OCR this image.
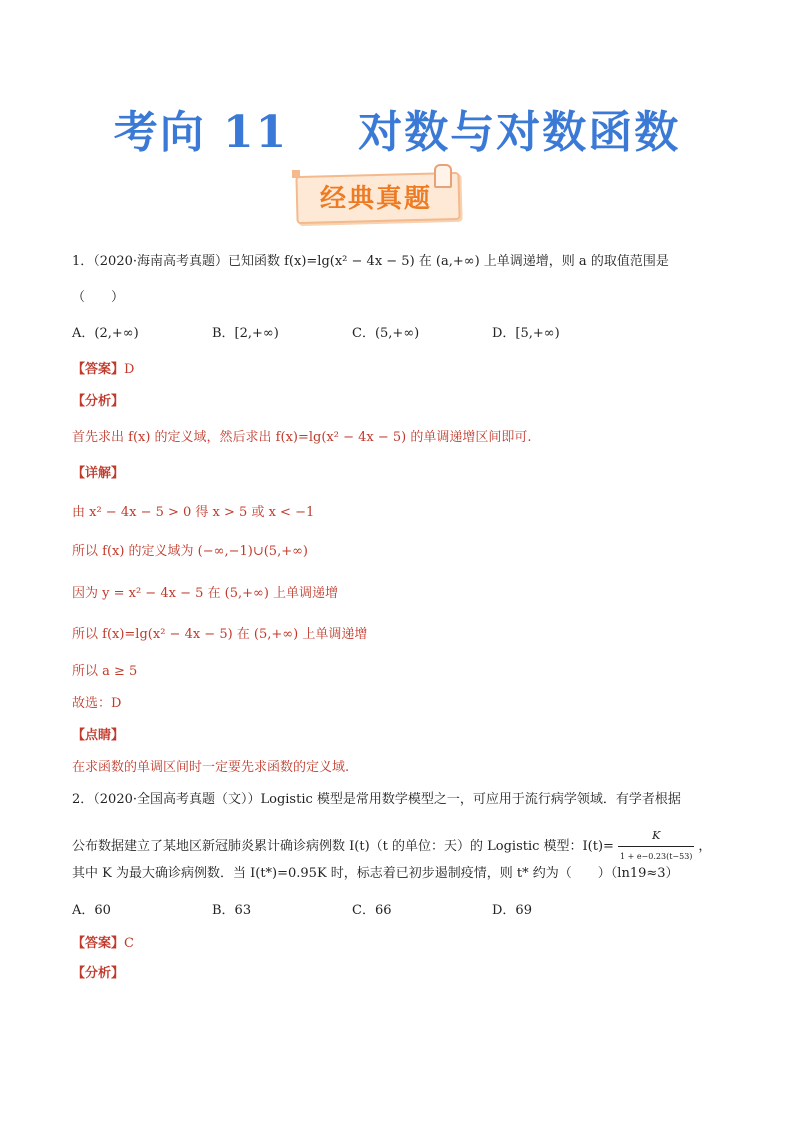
考向 11 对数与对数函数
经典真题
1．（2020·海南高考真题）已知函数 f(x)=lg(x² − 4x − 5) 在 (a,+∞) 上单调递增，则 a 的取值范围是
（　　）
A．(2,+∞)	B．[2,+∞)	C．(5,+∞)	D．[5,+∞)
【答案】D
【分析】
首先求出 f(x) 的定义域，然后求出 f(x)=lg(x² − 4x − 5) 的单调递增区间即可.
【详解】
由 x² − 4x − 5 > 0 得 x > 5 或 x < −1
所以 f(x) 的定义域为 (−∞,−1)∪(5,+∞)
因为 y = x² − 4x − 5 在 (5,+∞) 上单调递增
所以 f(x)=lg(x² − 4x − 5) 在 (5,+∞) 上单调递增
所以 a ≥ 5
故选：D
【点睛】
在求函数的单调区间时一定要先求函数的定义域.
2．（2020·全国高考真题（文））Logistic 模型是常用数学模型之一，可应用于流行病学领域．有学者根据
公布数据建立了某地区新冠肺炎累计确诊病例数 I(t)（t 的单位：天）的 Logistic 模型：$I(t)= \frac{K}{1 + e-0.23(t-53)}$ ，
其中 K 为最大确诊病例数．当 I(t*)=0.95K 时，标志着已初步遏制疫情，则 t* 约为（　　）（ln19≈3）
A．60	B．63	C．66	D．69
【答案】C
【分析】
